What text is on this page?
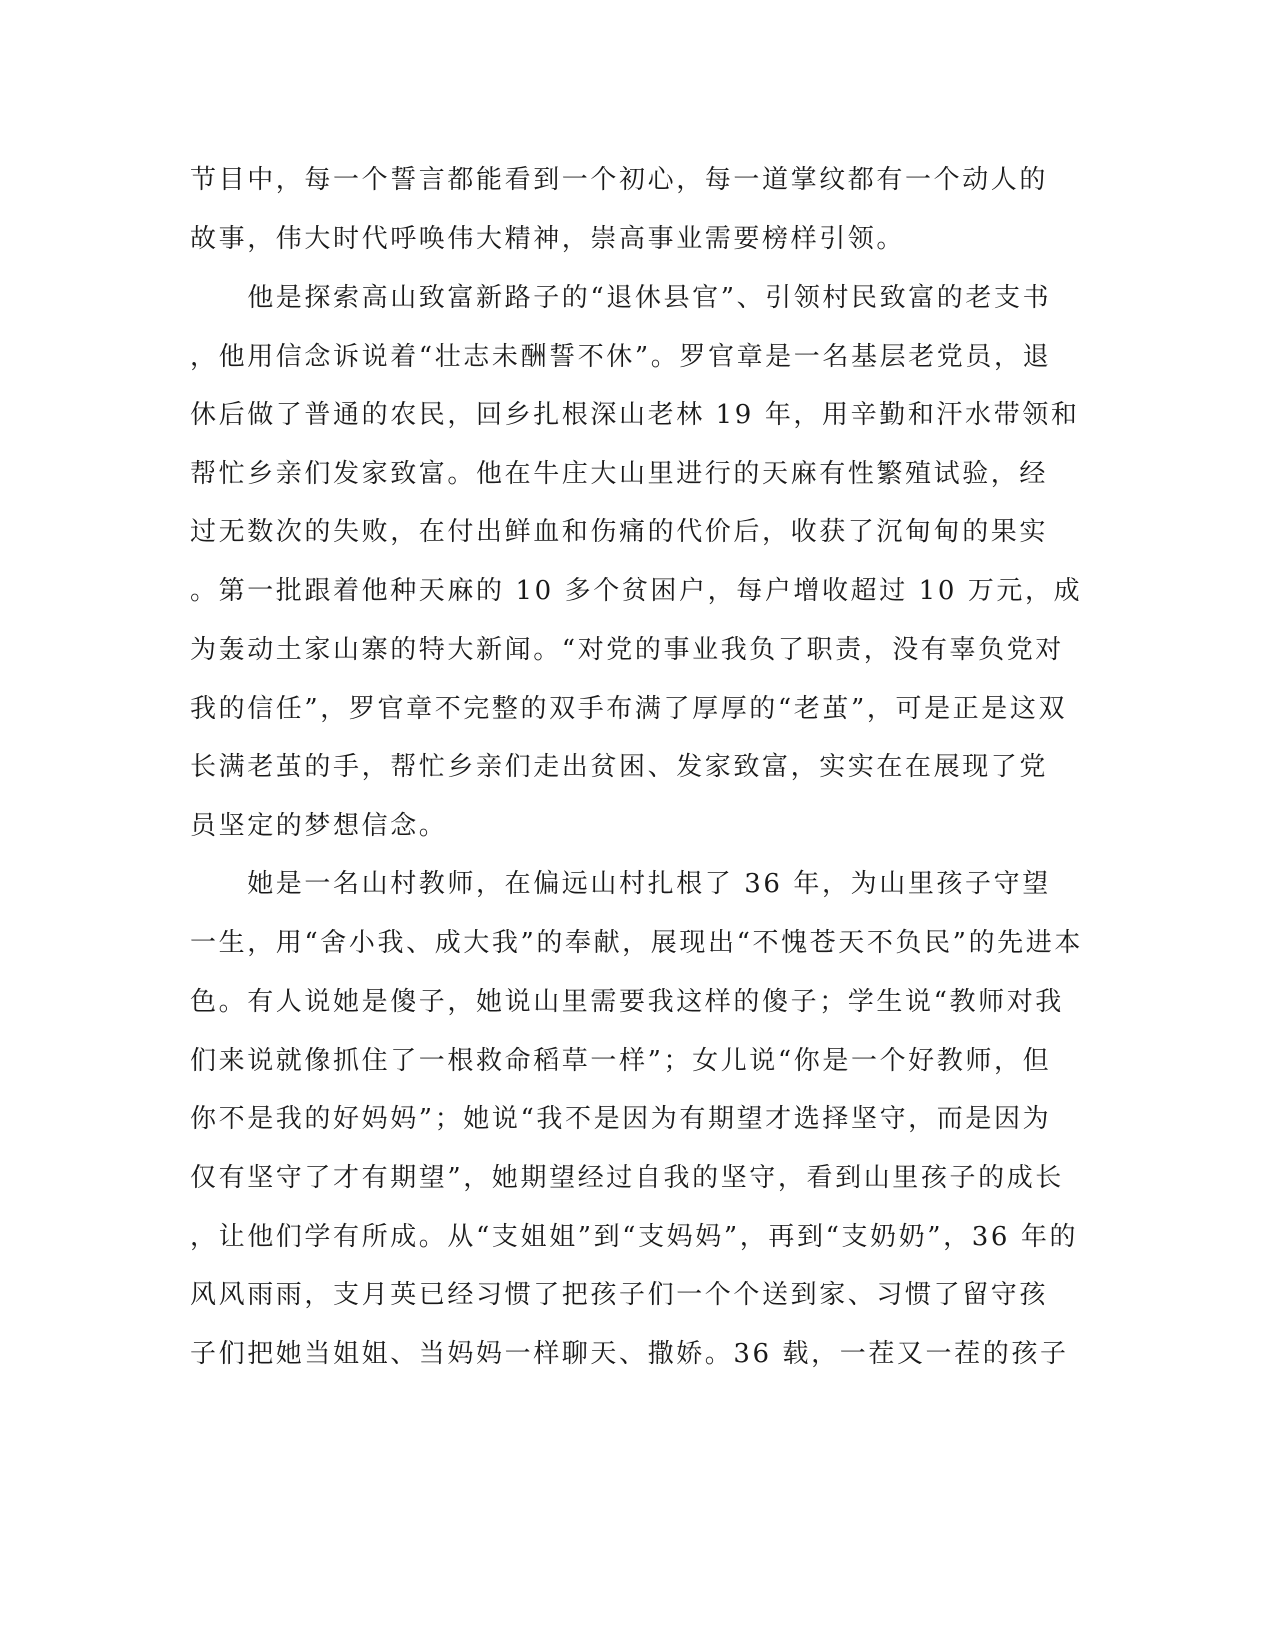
节目中，每一个誓言都能看到一个初心，每一道掌纹都有一个动人的
故事，伟大时代呼唤伟大精神，崇高事业需要榜样引领。
　　他是探索高山致富新路子的“退休县官”、引领村民致富的老支书
，他用信念诉说着“壮志未酬誓不休”。罗官章是一名基层老党员，退
休后做了普通的农民，回乡扎根深山老林 19 年，用辛勤和汗水带领和
帮忙乡亲们发家致富。他在牛庄大山里进行的天麻有性繁殖试验，经
过无数次的失败，在付出鲜血和伤痛的代价后，收获了沉甸甸的果实
。第一批跟着他种天麻的 10 多个贫困户，每户增收超过 10 万元，成
为轰动土家山寨的特大新闻。“对党的事业我负了职责，没有辜负党对
我的信任”，罗官章不完整的双手布满了厚厚的“老茧”，可是正是这双
长满老茧的手，帮忙乡亲们走出贫困、发家致富，实实在在展现了党
员坚定的梦想信念。
　　她是一名山村教师，在偏远山村扎根了 36 年，为山里孩子守望
一生，用“舍小我、成大我”的奉献，展现出“不愧苍天不负民”的先进本
色。有人说她是傻子，她说山里需要我这样的傻子；学生说“教师对我
们来说就像抓住了一根救命稻草一样”；女儿说“你是一个好教师，但
你不是我的好妈妈”；她说“我不是因为有期望才选择坚守，而是因为
仅有坚守了才有期望”，她期望经过自我的坚守，看到山里孩子的成长
，让他们学有所成。从“支姐姐”到“支妈妈”，再到“支奶奶”，36 年的
风风雨雨，支月英已经习惯了把孩子们一个个送到家、习惯了留守孩
子们把她当姐姐、当妈妈一样聊天、撒娇。36 载，一茬又一茬的孩子
